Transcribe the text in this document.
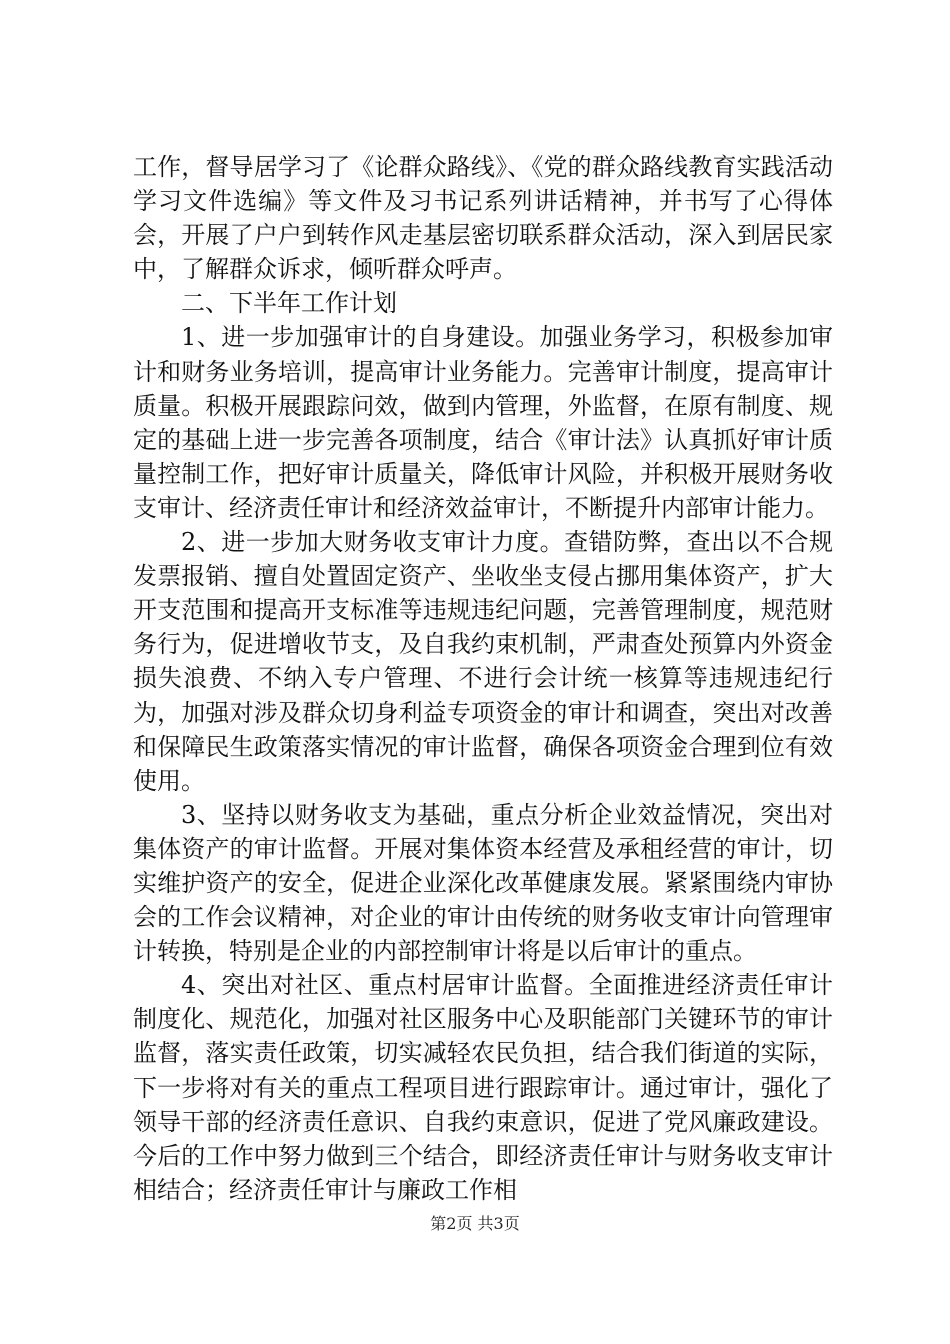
工作，督导居学习了《论群众路线》、《党的群众路线教育实践活动学习文件选编》等文件及习书记系列讲话精神，并书写了心得体会，开展了户户到转作风走基层密切联系群众活动，深入到居民家中，了解群众诉求，倾听群众呼声。

二、下半年工作计划

1、进一步加强审计的自身建设。加强业务学习，积极参加审计和财务业务培训，提高审计业务能力。完善审计制度，提高审计质量。积极开展跟踪问效，做到内管理，外监督，在原有制度、规定的基础上进一步完善各项制度，结合《审计法》认真抓好审计质量控制工作，把好审计质量关，降低审计风险，并积极开展财务收支审计、经济责任审计和经济效益审计，不断提升内部审计能力。

2、进一步加大财务收支审计力度。查错防弊，查出以不合规发票报销、擅自处置固定资产、坐收坐支侵占挪用集体资产，扩大开支范围和提高开支标准等违规违纪问题，完善管理制度，规范财务行为，促进增收节支，及自我约束机制，严肃查处预算内外资金损失浪费、不纳入专户管理、不进行会计统一核算等违规违纪行为，加强对涉及群众切身利益专项资金的审计和调查，突出对改善和保障民生政策落实情况的审计监督，确保各项资金合理到位有效使用。

3、坚持以财务收支为基础，重点分析企业效益情况，突出对集体资产的审计监督。开展对集体资本经营及承租经营的审计，切实维护资产的安全，促进企业深化改革健康发展。紧紧围绕内审协会的工作会议精神，对企业的审计由传统的财务收支审计向管理审计转换，特别是企业的内部控制审计将是以后审计的重点。

4、突出对社区、重点村居审计监督。全面推进经济责任审计制度化、规范化，加强对社区服务中心及职能部门关键环节的审计监督，落实责任政策，切实减轻农民负担，结合我们街道的实际，下一步将对有关的重点工程项目进行跟踪审计。通过审计，强化了领导干部的经济责任意识、自我约束意识，促进了党风廉政建设。今后的工作中努力做到三个结合，即经济责任审计与财务收支审计相结合；经济责任审计与廉政工作相

第2页 共3页
